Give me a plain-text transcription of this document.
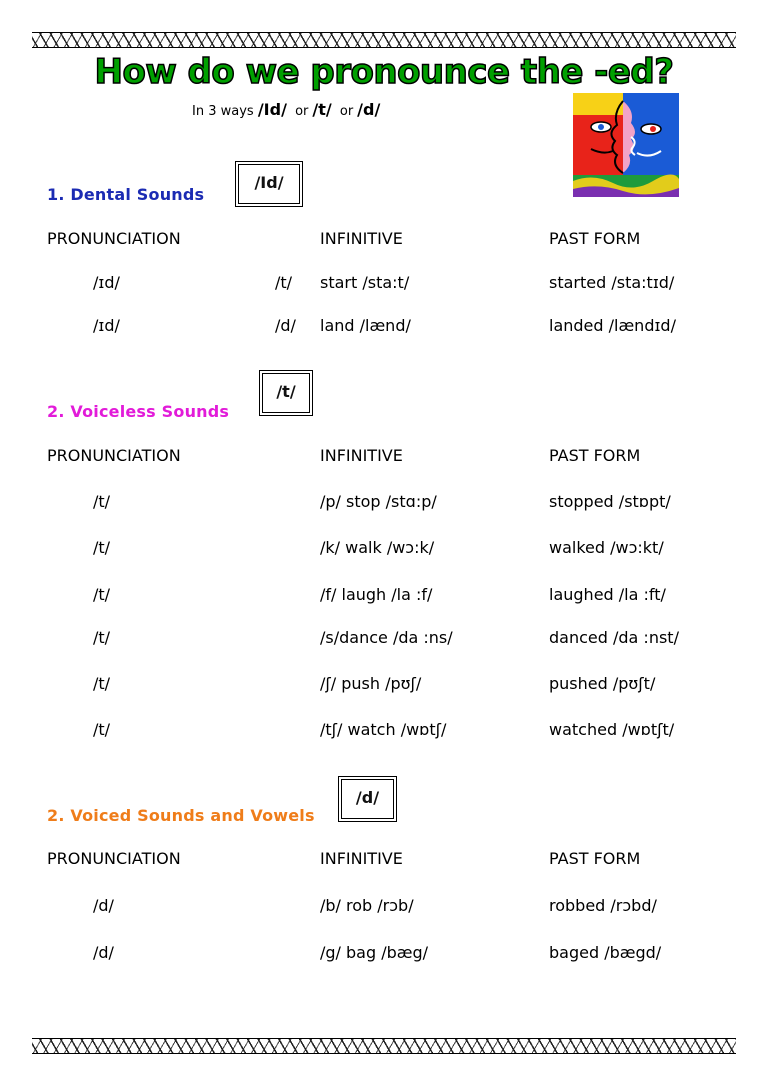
How do we pronounce the -ed?
In 3 ways /Id/ or /t/ or /d/
1. Dental Sounds
/Id/
PRONUNCIATION	INFINITIVE	PAST FORM
/ɪd/	/t/ start /sta:t/	started /sta:tɪd/
/ɪd/	/d/ land /lænd/	landed /lændɪd/
2. Voiceless Sounds
/t/
PRONUNCIATION	INFINITIVE	PAST FORM
/t/	/p/ stop /stɑ:p/	stopped /stɒpt/
/t/	/k/ walk /wɔ:k/	walked /wɔ:kt/
/t/	/f/ laugh /la :f/	laughed /la :ft/
/t/	/s/dance /da :ns/	danced /da :nst/
/t/	/ʃ/ push /pʊʃ/	pushed /pʊʃt/
/t/	/tʃ/ watch /wɒtʃ/	watched /wɒtʃt/
2. Voiced Sounds and Vowels
/d/
PRONUNCIATION	INFINITIVE	PAST FORM
/d/	/b/ rob /rɔb/	robbed /rɔbd/
/d/	/g/ bag /bæg/	baged /bægd/
